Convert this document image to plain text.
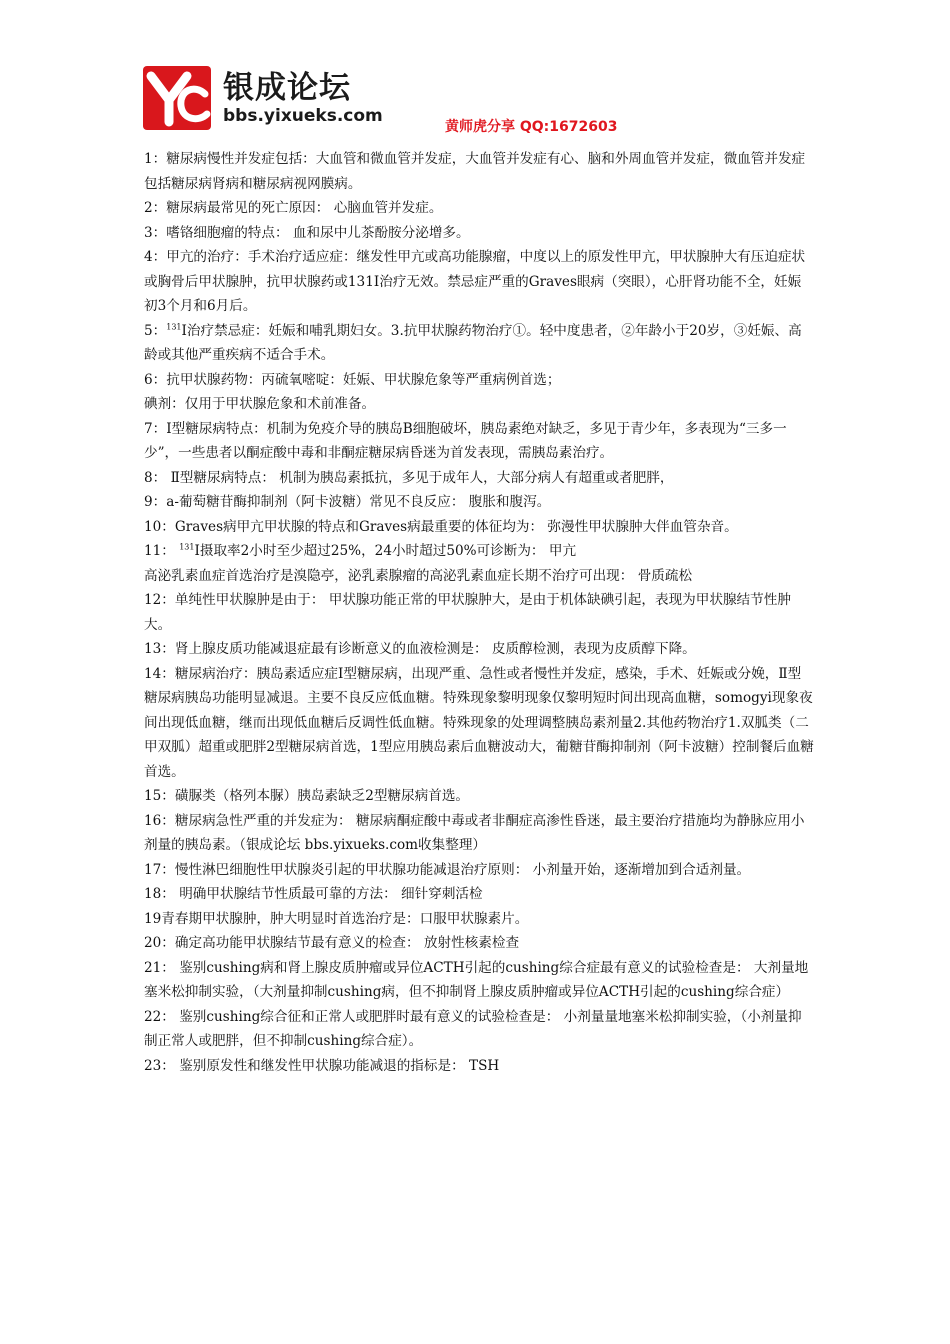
银成论坛
bbs.yixueks.com
黄师虎分享 QQ:1672603

1：糖尿病慢性并发症包括：大血管和微血管并发症，大血管并发症有心、脑和外周血管并发症，微血管并发症包括糖尿病肾病和糖尿病视网膜病。

2：糖尿病最常见的死亡原因： 心脑血管并发症。

3：嗜铬细胞瘤的特点： 血和尿中儿茶酚胺分泌增多。

4：甲亢的治疗：手术治疗适应症：继发性甲亢或高功能腺瘤，中度以上的原发性甲亢，甲状腺肿大有压迫症状或胸骨后甲状腺肿，抗甲状腺药或131I治疗无效。禁忌症严重的Graves眼病（突眼），心肝肾功能不全，妊娠初3个月和6月后。

5：$^{131}$I治疗禁忌症：妊娠和哺乳期妇女。3.抗甲状腺药物治疗①。轻中度患者，②年龄小于20岁，③妊娠、高龄或其他严重疾病不适合手术。

6：抗甲状腺药物：丙硫氧嘧啶：妊娠、甲状腺危象等严重病例首选；

碘剂：仅用于甲状腺危象和术前准备。

7：Ⅰ型糖尿病特点：机制为免疫介导的胰岛B细胞破坏，胰岛素绝对缺乏，多见于青少年，多表现为“三多一少”，一些患者以酮症酸中毒和非酮症糖尿病昏迷为首发表现，需胰岛素治疗。

8： Ⅱ型糖尿病特点： 机制为胰岛素抵抗，多见于成年人，大部分病人有超重或者肥胖，

9：a-葡萄糖苷酶抑制剂（阿卡波糖）常见不良反应： 腹胀和腹泻。

10：Graves病甲亢甲状腺的特点和Graves病最重要的体征均为： 弥漫性甲状腺肿大伴血管杂音。

11： $^{131}$I摄取率2小时至少超过25%，24小时超过50%可诊断为： 甲亢

高泌乳素血症首选治疗是溴隐亭，泌乳素腺瘤的高泌乳素血症长期不治疗可出现： 骨质疏松

12：单纯性甲状腺肿是由于： 甲状腺功能正常的甲状腺肿大，是由于机体缺碘引起，表现为甲状腺结节性肿大。

13：肾上腺皮质功能减退症最有诊断意义的血液检测是： 皮质醇检测，表现为皮质醇下降。

14：糖尿病治疗：胰岛素适应症Ⅰ型糖尿病，出现严重、急性或者慢性并发症，感染，手术、妊娠或分娩，Ⅱ型糖尿病胰岛功能明显减退。主要不良反应低血糖。特殊现象黎明现象仅黎明短时间出现高血糖，somogyi现象夜间出现低血糖，继而出现低血糖后反调性低血糖。特殊现象的处理调整胰岛素剂量2.其他药物治疗1.双胍类（二甲双胍）超重或肥胖2型糖尿病首选，1型应用胰岛素后血糖波动大，葡糖苷酶抑制剂（阿卡波糖）控制餐后血糖首选。

15：磺脲类（格列本脲）胰岛素缺乏2型糖尿病首选。

16：糖尿病急性严重的并发症为： 糖尿病酮症酸中毒或者非酮症高渗性昏迷，最主要治疗措施均为静脉应用小剂量的胰岛素。（银成论坛 bbs.yixueks.com收集整理）

17：慢性淋巴细胞性甲状腺炎引起的甲状腺功能减退治疗原则： 小剂量开始，逐渐增加到合适剂量。

18： 明确甲状腺结节性质最可靠的方法： 细针穿刺活检

19青春期甲状腺肿，肿大明显时首选治疗是：口服甲状腺素片。

20：确定高功能甲状腺结节最有意义的检查： 放射性核素检查

21： 鉴别cushing病和肾上腺皮质肿瘤或异位ACTH引起的cushing综合症最有意义的试验检查是： 大剂量地塞米松抑制实验，（大剂量抑制cushing病，但不抑制肾上腺皮质肿瘤或异位ACTH引起的cushing综合症）

22： 鉴别cushing综合征和正常人或肥胖时最有意义的试验检查是： 小剂量量地塞米松抑制实验，（小剂量抑制正常人或肥胖，但不抑制cushing综合症）。

23： 鉴别原发性和继发性甲状腺功能减退的指标是： TSH
